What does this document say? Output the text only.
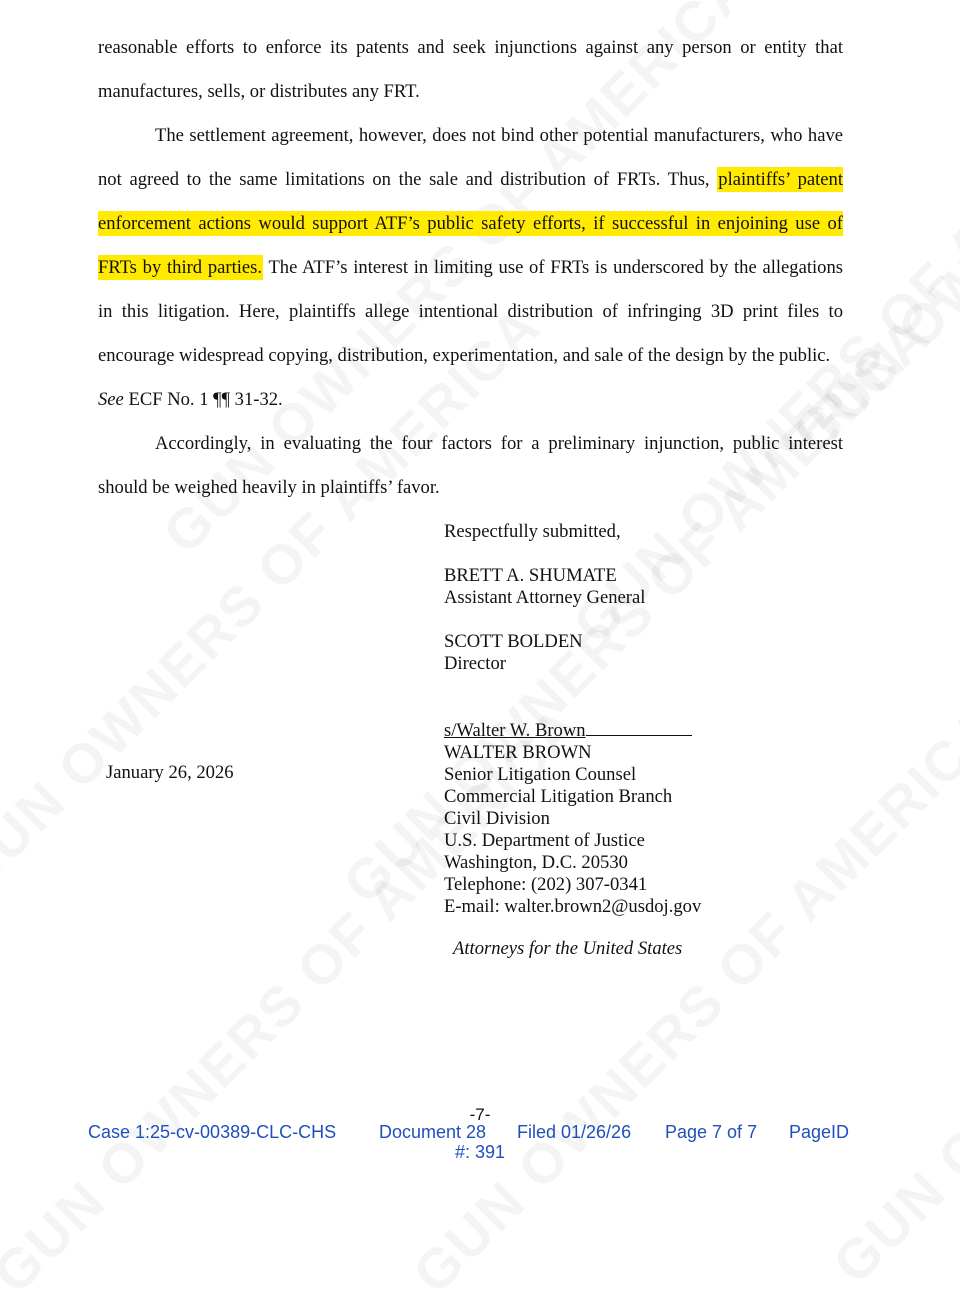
reasonable efforts to enforce its patents and seek injunctions against any person or entity that manufactures, sells, or distributes any FRT.

The settlement agreement, however, does not bind other potential manufacturers, who have not agreed to the same limitations on the sale and distribution of FRTs. Thus, plaintiffs’ patent enforcement actions would support ATF’s public safety efforts, if successful in enjoining use of FRTs by third parties. The ATF’s interest in limiting use of FRTs is underscored by the allegations in this litigation. Here, plaintiffs allege intentional distribution of infringing 3D print files to encourage widespread copying, distribution, experimentation, and sale of the design by the public.
See ECF No. 1 ¶¶ 31-32.

Accordingly, in evaluating the four factors for a preliminary injunction, public interest should be weighed heavily in plaintiffs’ favor.

Respectfully submitted,
BRETT A. SHUMATE
Assistant Attorney General
SCOTT BOLDEN
Director
s/Walter W. Brown
WALTER BROWN
Senior Litigation Counsel
Commercial Litigation Branch
Civil Division
U.S. Department of Justice
Washington, D.C. 20530
Telephone: (202) 307-0341
E-mail: walter.brown2@usdoj.gov
January 26, 2026
Attorneys for the United States
-7-
Case 1:25-cv-00389-CLC-CHS Document 28 Filed 01/26/26 Page 7 of 7 PageID
#: 391
